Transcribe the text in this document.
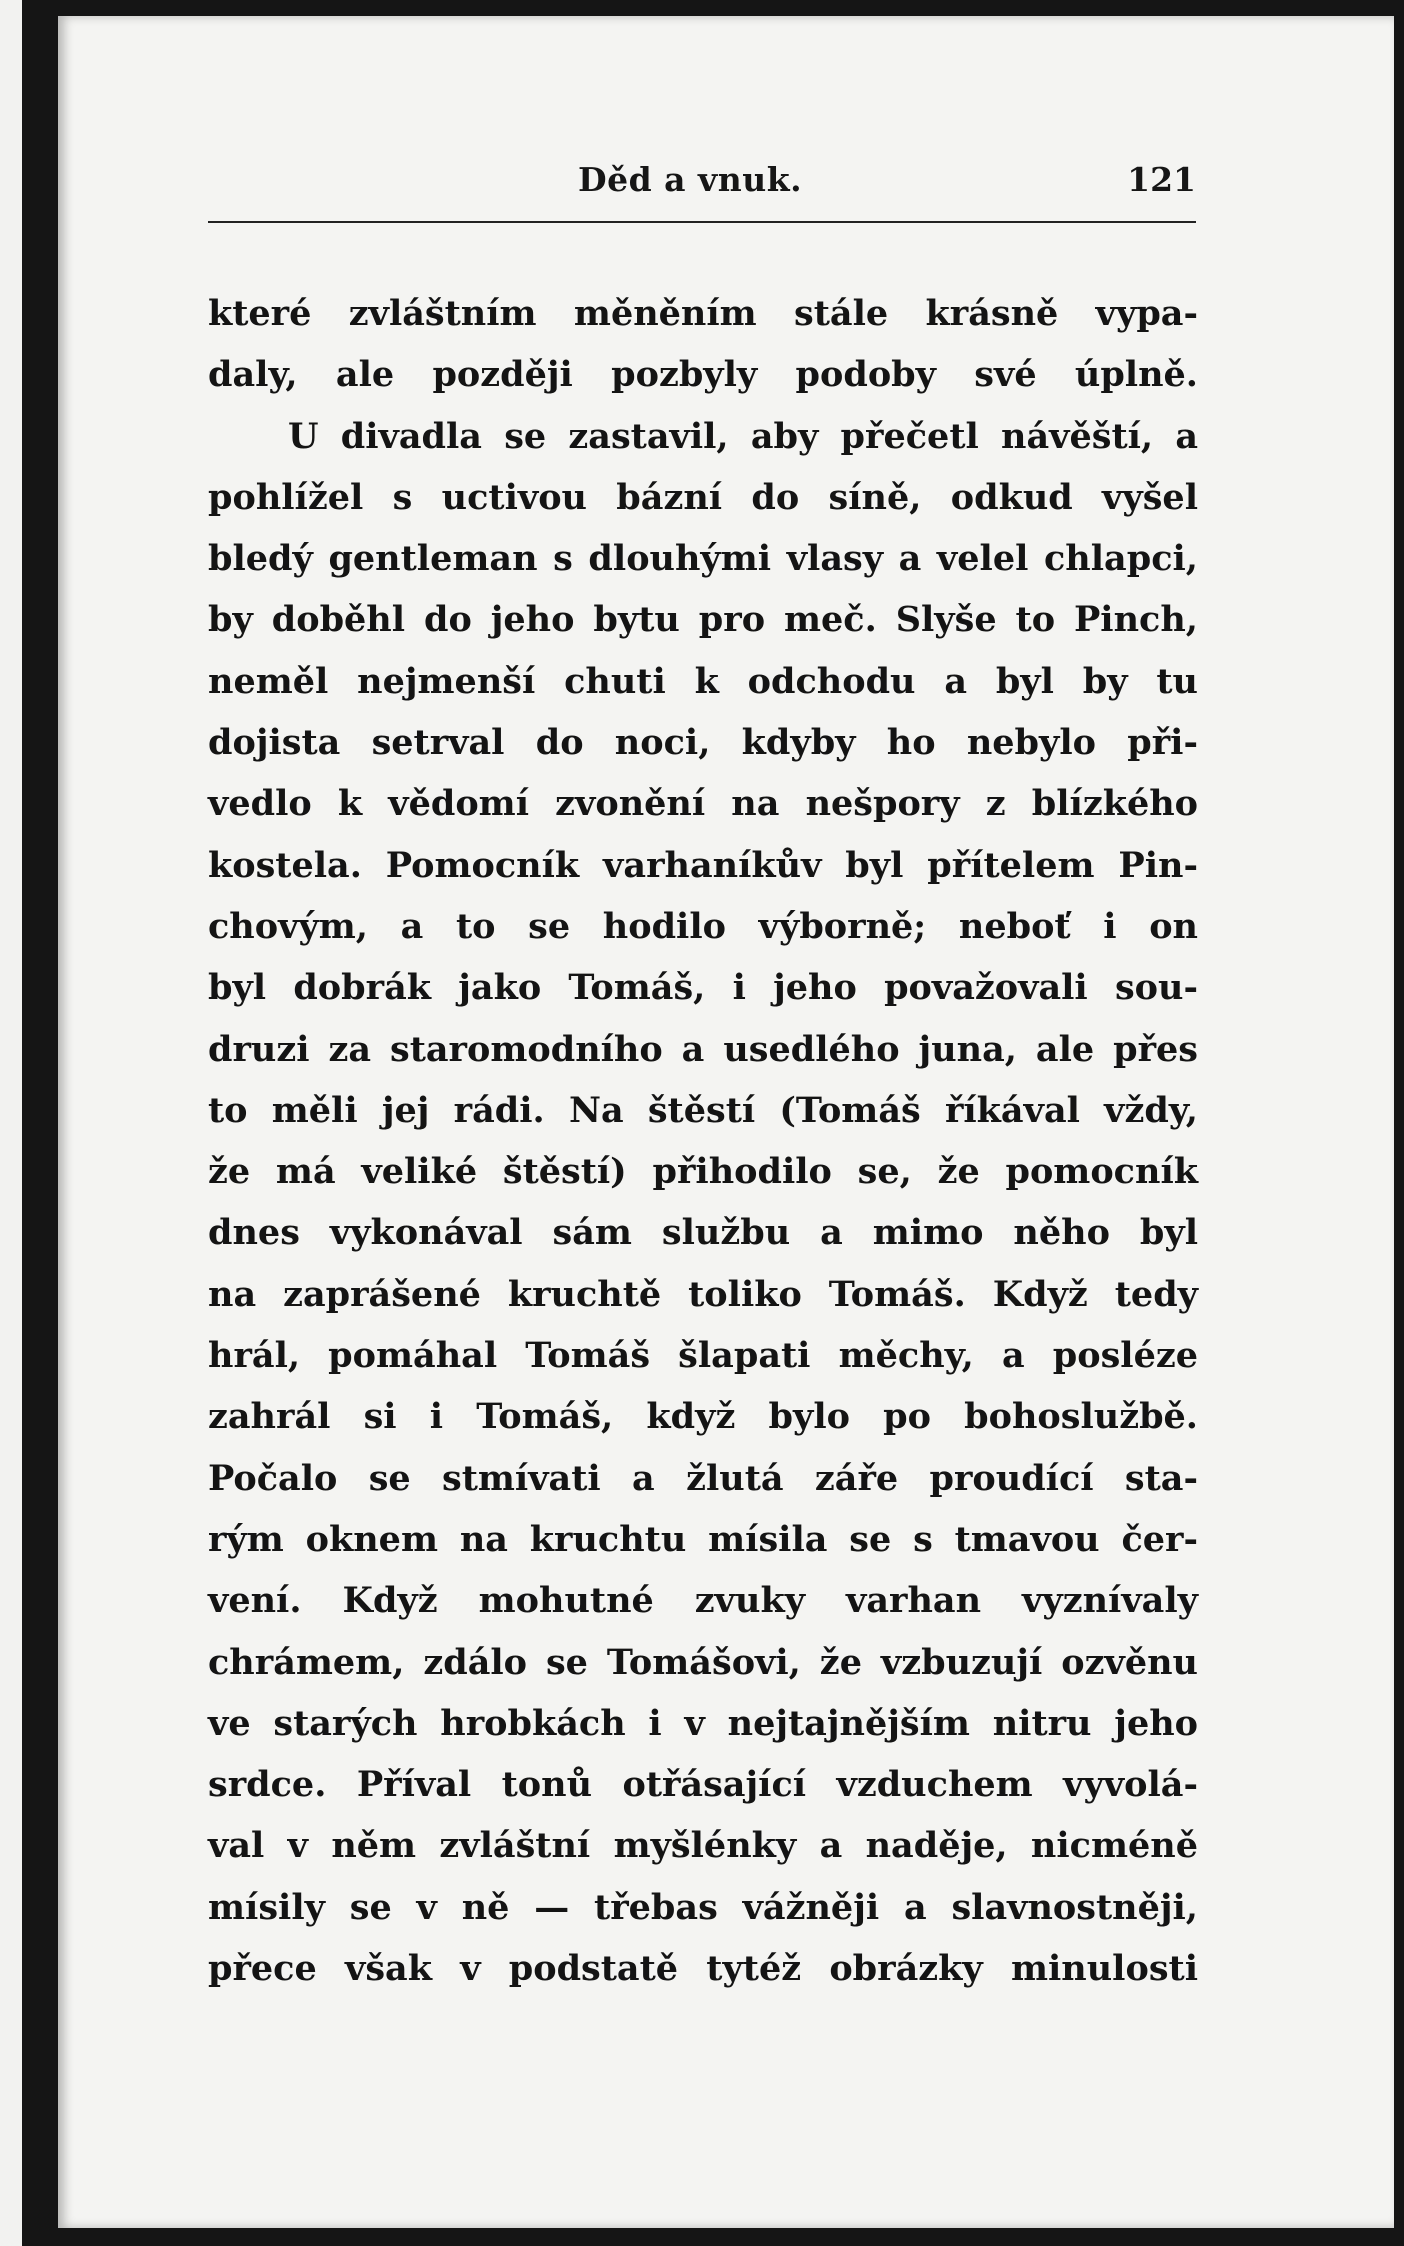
Děd a vnuk.	121
které zvláštním měněním stále krásně vypa-
daly, ale později pozbyly podoby své úplně.
U divadla se zastavil, aby přečetl návěští, a
pohlížel s uctivou bázní do síně, odkud vyšel
bledý gentleman s dlouhými vlasy a velel chlapci,
by doběhl do jeho bytu pro meč. Slyše to Pinch,
neměl nejmenší chuti k odchodu a byl by tu
dojista setrval do noci, kdyby ho nebylo při-
vedlo k vědomí zvonění na nešpory z blízkého
kostela. Pomocník varhaníkův byl přítelem Pin-
chovým, a to se hodilo výborně; neboť i on
byl dobrák jako Tomáš, i jeho považovali sou-
druzi za staromodního a usedlého juna, ale přes
to měli jej rádi. Na štěstí (Tomáš říkával vždy,
že má veliké štěstí) přihodilo se, že pomocník
dnes vykonával sám službu a mimo něho byl
na zaprášené kruchtě toliko Tomáš. Když tedy
hrál, pomáhal Tomáš šlapati měchy, a posléze
zahrál si i Tomáš, když bylo po bohoslužbě.
Počalo se stmívati a žlutá záře proudící sta-
rým oknem na kruchtu mísila se s tmavou čer-
vení. Když mohutné zvuky varhan vyznívaly
chrámem, zdálo se Tomášovi, že vzbuzují ozvěnu
ve starých hrobkách i v nejtajnějším nitru jeho
srdce. Příval tonů otřásající vzduchem vyvolá-
val v něm zvláštní myšlénky a naděje, nicméně
mísily se v ně — třebas vážněji a slavnostněji,
přece však v podstatě tytéž obrázky minulosti
